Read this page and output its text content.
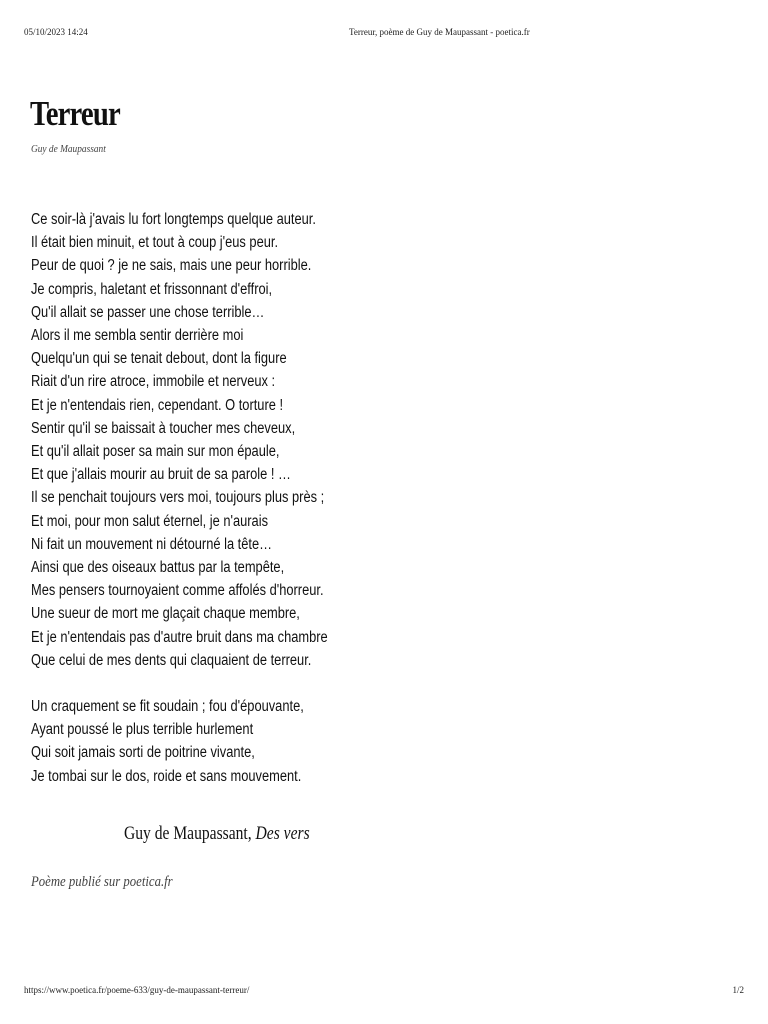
05/10/2023 14:24	Terreur, poème de Guy de Maupassant - poetica.fr
Terreur
Guy de Maupassant

Ce soir-là j'avais lu fort longtemps quelque auteur.
Il était bien minuit, et tout à coup j'eus peur.
Peur de quoi ? je ne sais, mais une peur horrible.
Je compris, haletant et frissonnant d'effroi,
Qu'il allait se passer une chose terrible…
Alors il me sembla sentir derrière moi
Quelqu'un qui se tenait debout, dont la figure
Riait d'un rire atroce, immobile et nerveux :
Et je n'entendais rien, cependant. O torture !
Sentir qu'il se baissait à toucher mes cheveux,
Et qu'il allait poser sa main sur mon épaule,
Et que j'allais mourir au bruit de sa parole ! …
Il se penchait toujours vers moi, toujours plus près ;
Et moi, pour mon salut éternel, je n'aurais
Ni fait un mouvement ni détourné la tête…
Ainsi que des oiseaux battus par la tempête,
Mes pensers tournoyaient comme affolés d'horreur.
Une sueur de mort me glaçait chaque membre,
Et je n'entendais pas d'autre bruit dans ma chambre
Que celui de mes dents qui claquaient de terreur.

Un craquement se fit soudain ; fou d'épouvante,
Ayant poussé le plus terrible hurlement
Qui soit jamais sorti de poitrine vivante,
Je tombai sur le dos, roide et sans mouvement.

Guy de Maupassant, Des vers
Poème publié sur poetica.fr
https://www.poetica.fr/poeme-633/guy-de-maupassant-terreur/	1/2
